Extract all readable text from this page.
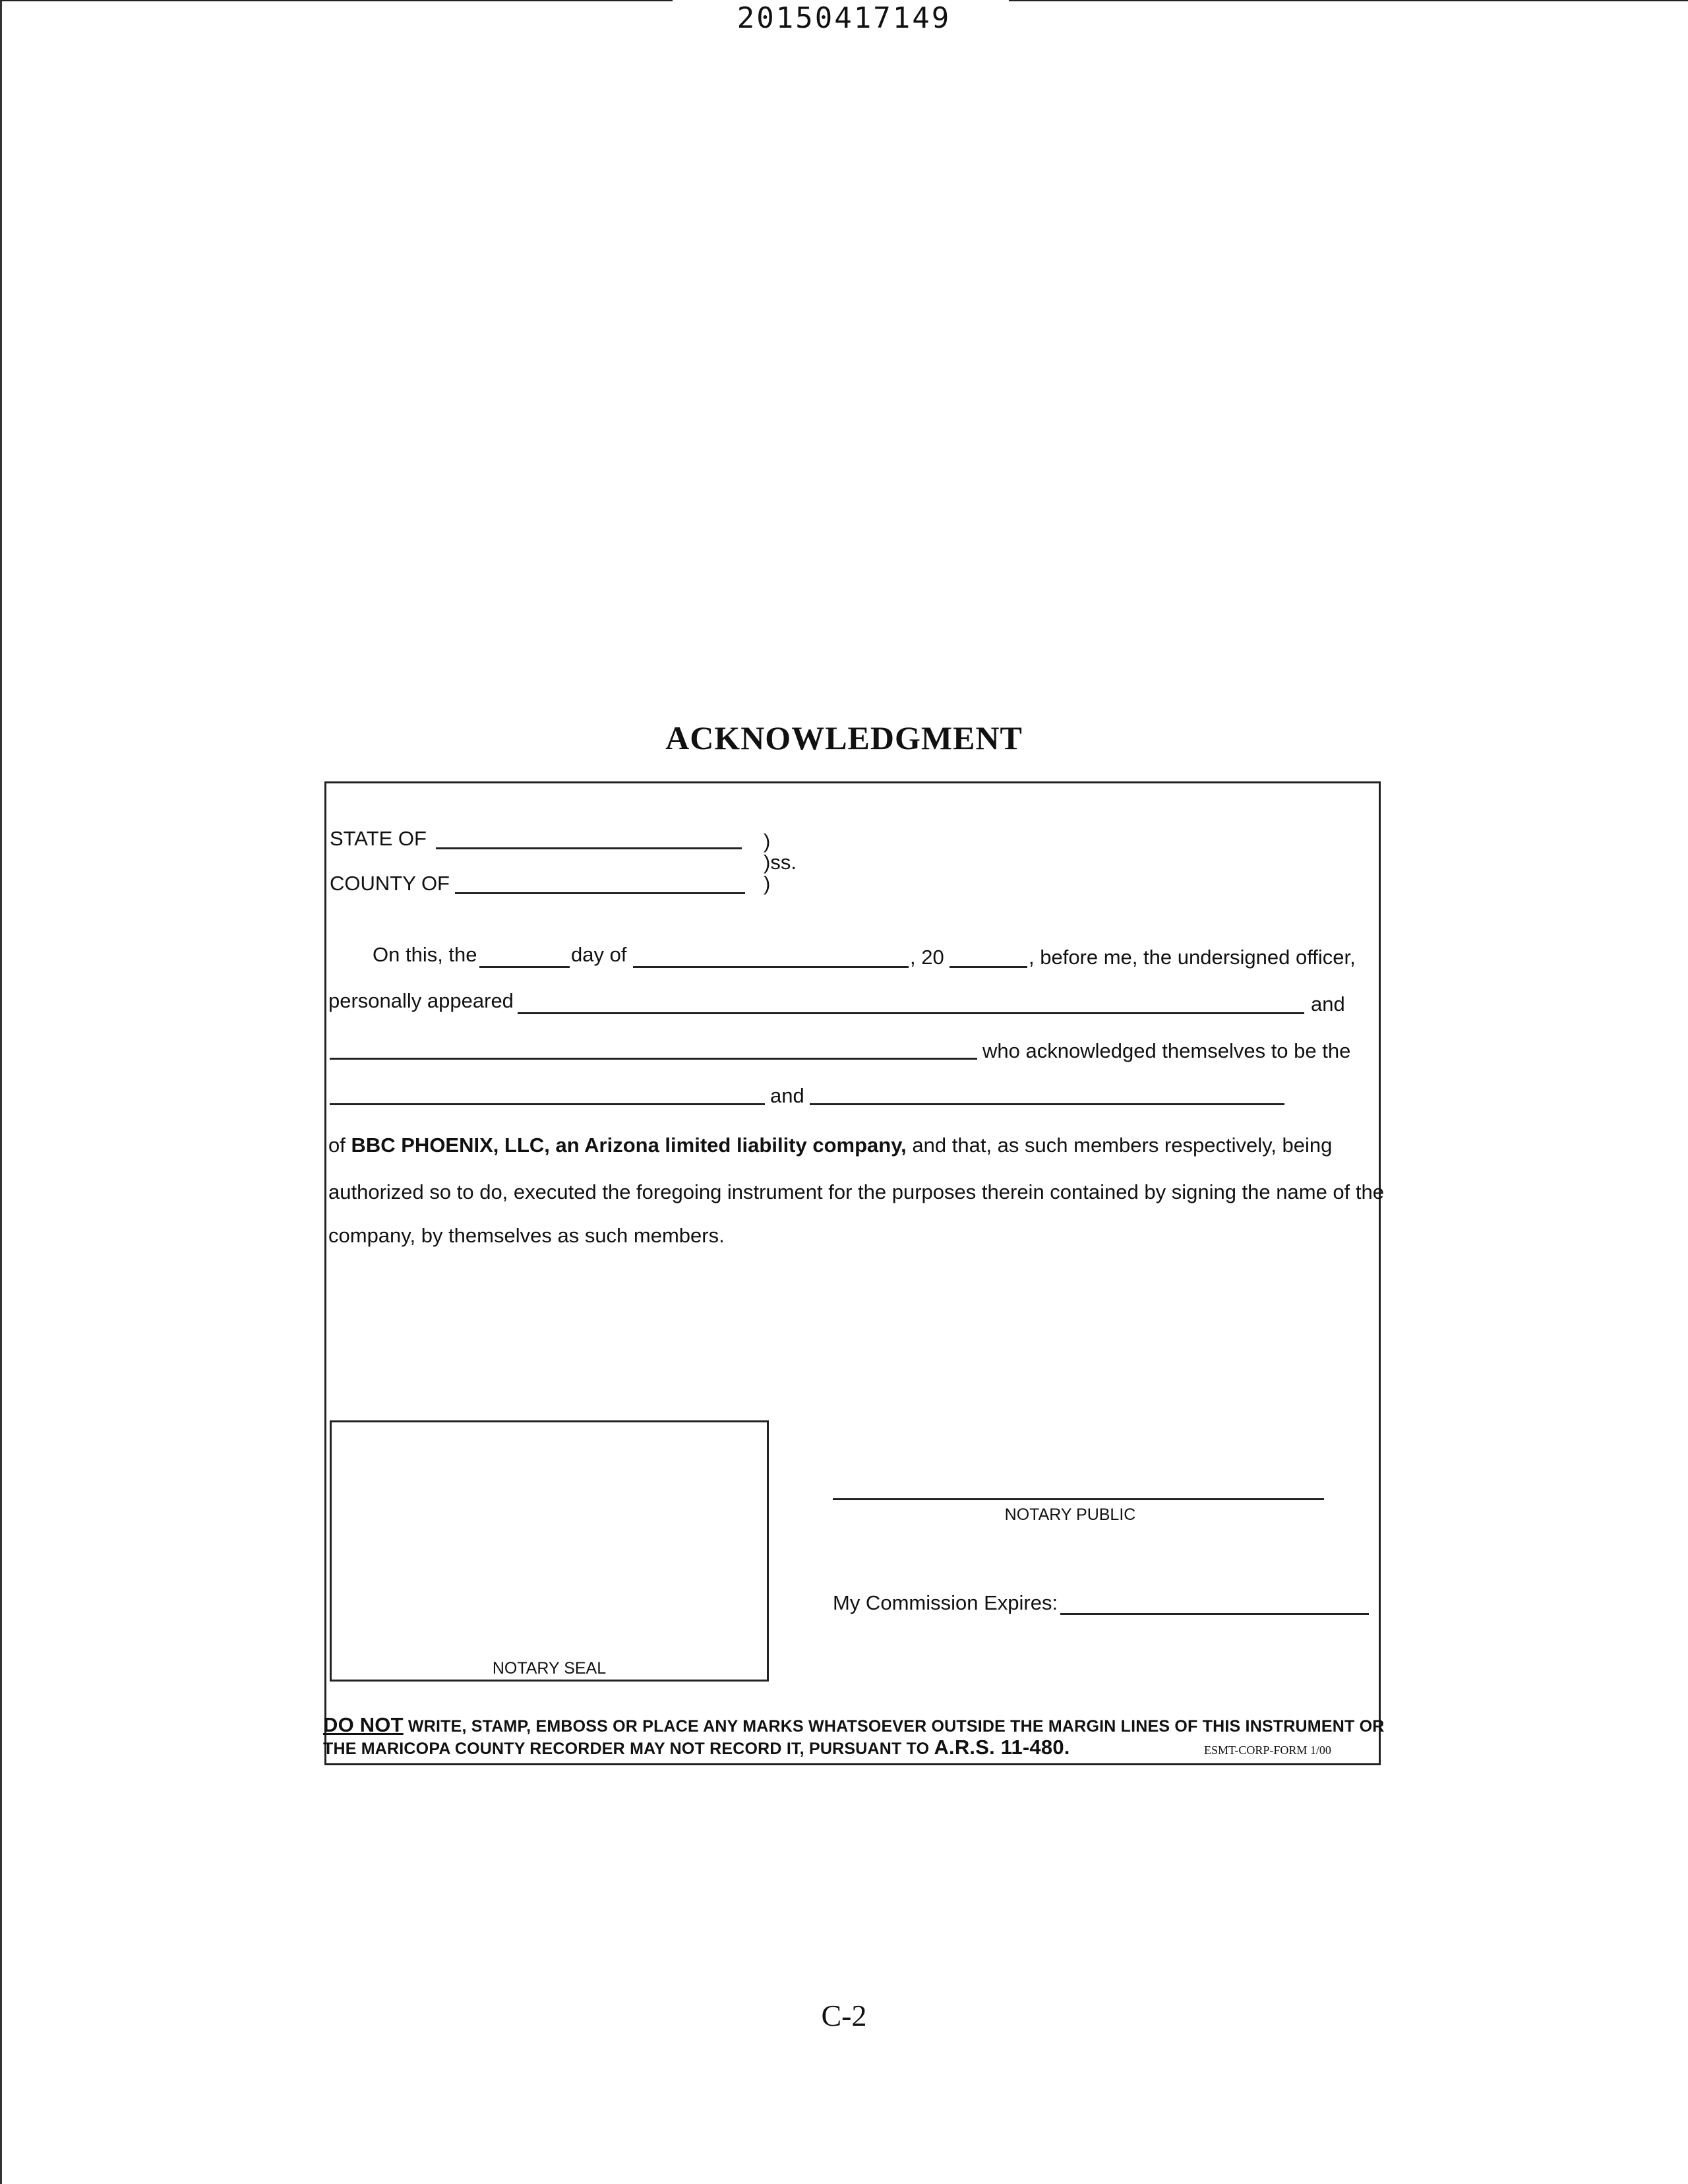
20150417149
ACKNOWLEDGMENT
STATE OF	)
)ss.
)
COUNTY OF
On this, the	day of	, 20	, before me, the undersigned officer,
personally appeared	and
who acknowledged themselves to be the
and
of BBC PHOENIX, LLC, an Arizona limited liability company, and that, as such members respectively, being
authorized so to do, executed the foregoing instrument for the purposes therein contained by signing the name of the
company, by themselves as such members.
NOTARY SEAL
NOTARY PUBLIC
My Commission Expires:
DO NOT WRITE, STAMP, EMBOSS OR PLACE ANY MARKS WHATSOEVER OUTSIDE THE MARGIN LINES OF THIS INSTRUMENT OR
THE MARICOPA COUNTY RECORDER MAY NOT RECORD IT, PURSUANT TO A.R.S. 11-480.	ESMT-CORP-FORM 1/00
C-2
